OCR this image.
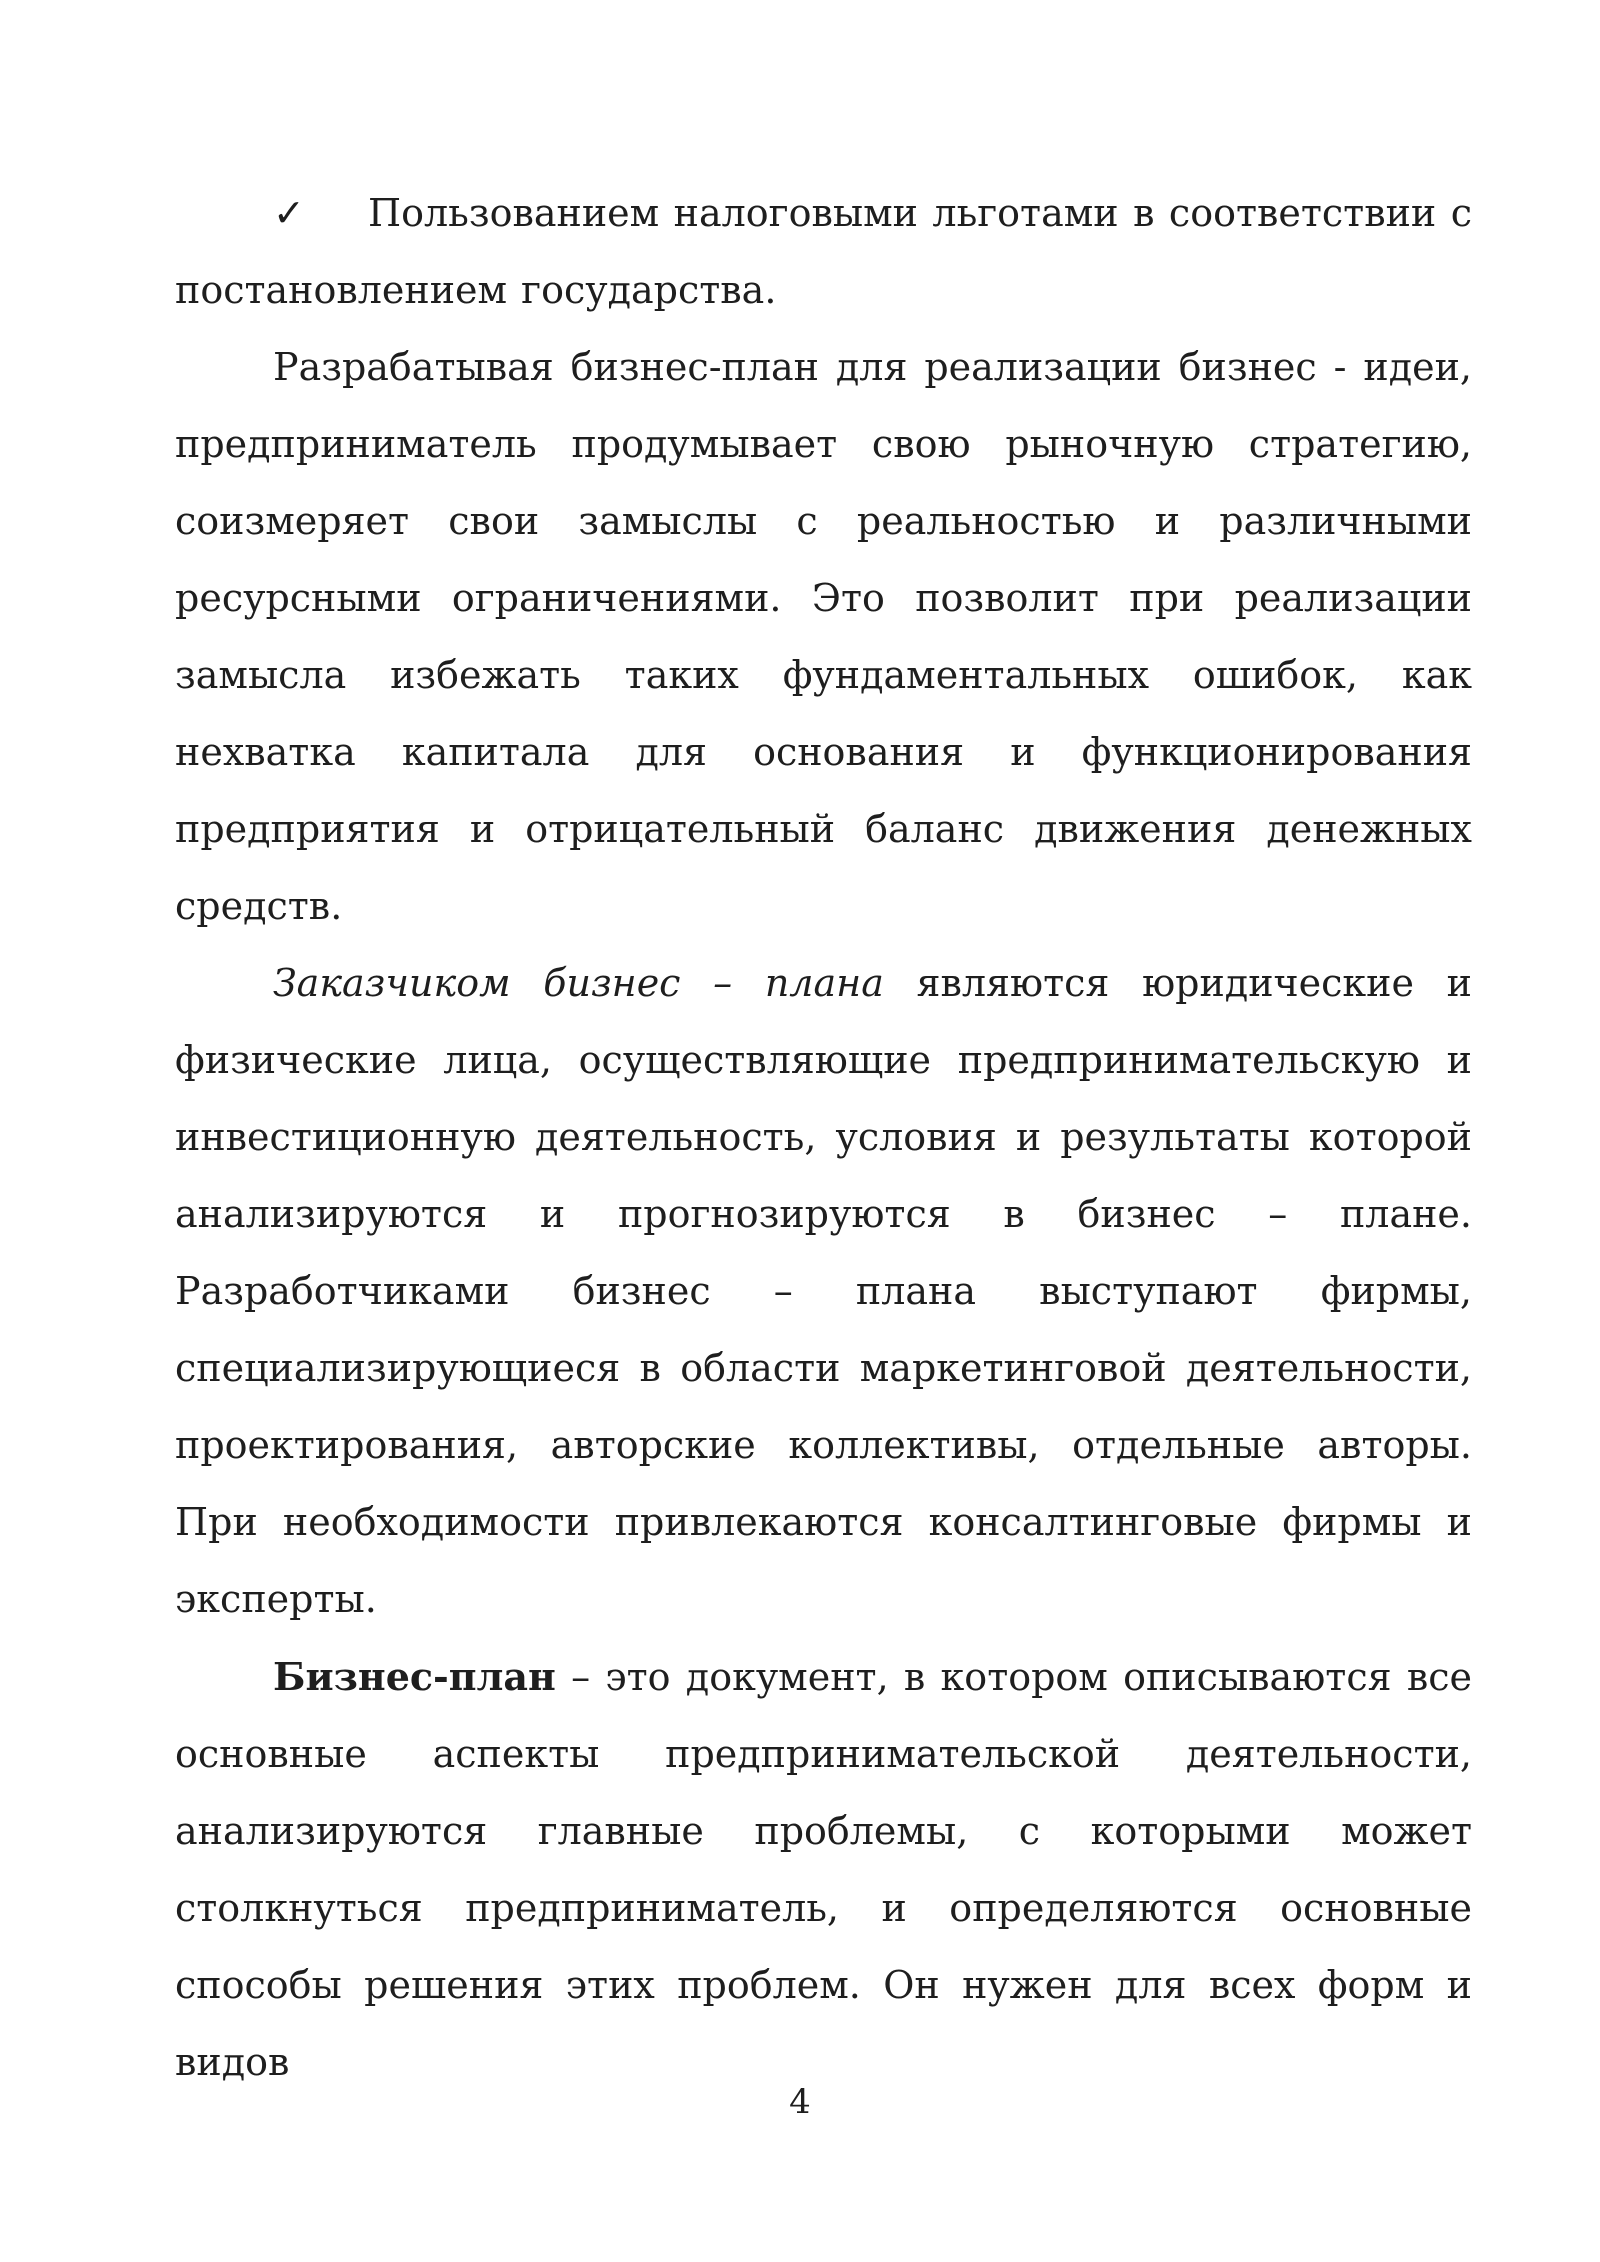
✓ Пользованием налоговыми льготами в соответствии с постановлением государства.

Разрабатывая бизнес-план для реализации бизнес - идеи, предприниматель продумывает свою рыночную стратегию, соизмеряет свои замыслы с реальностью и различными ресурсными ограничениями. Это позволит при реализации замысла избежать таких фундаментальных ошибок, как нехватка капитала для основания и функционирования предприятия и отрицательный баланс движения денежных средств.

Заказчиком бизнес – плана являются юридические и физические лица, осуществляющие предпринимательскую и инвестиционную деятельность, условия и результаты которой анализируются и прогнозируются в бизнес – плане. Разработчиками бизнес – плана выступают фирмы, специализирующиеся в области маркетинговой деятельности, проектирования, авторские коллективы, отдельные авторы. При необходимости привлекаются консалтинговые фирмы и эксперты.

Бизнес-план – это документ, в котором описываются все основные аспекты предпринимательской деятельности, анализируются главные проблемы, с которыми может столкнуться предприниматель, и определяются основные способы решения этих проблем. Он нужен для всех форм и видов

4
